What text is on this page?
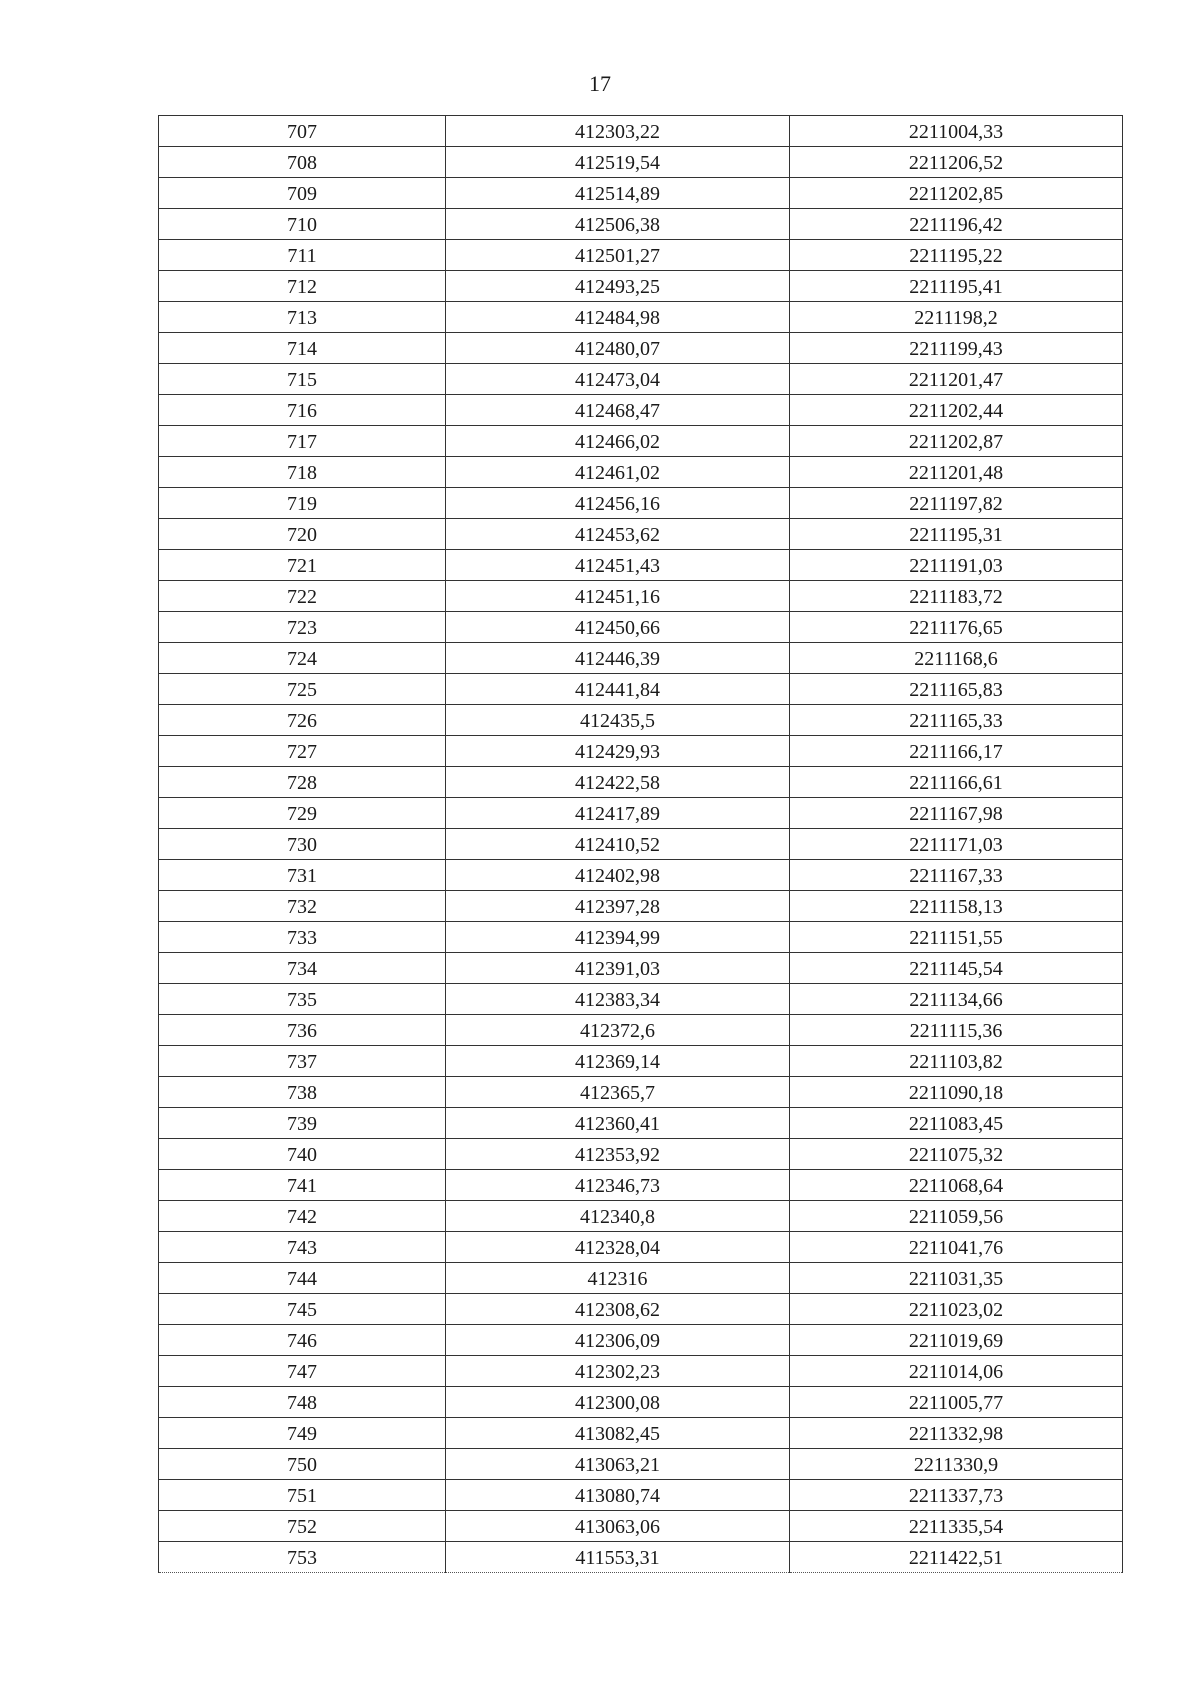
17
707	412303,22	2211004,33
708	412519,54	2211206,52
709	412514,89	2211202,85
710	412506,38	2211196,42
711	412501,27	2211195,22
712	412493,25	2211195,41
713	412484,98	2211198,2
714	412480,07	2211199,43
715	412473,04	2211201,47
716	412468,47	2211202,44
717	412466,02	2211202,87
718	412461,02	2211201,48
719	412456,16	2211197,82
720	412453,62	2211195,31
721	412451,43	2211191,03
722	412451,16	2211183,72
723	412450,66	2211176,65
724	412446,39	2211168,6
725	412441,84	2211165,83
726	412435,5	2211165,33
727	412429,93	2211166,17
728	412422,58	2211166,61
729	412417,89	2211167,98
730	412410,52	2211171,03
731	412402,98	2211167,33
732	412397,28	2211158,13
733	412394,99	2211151,55
734	412391,03	2211145,54
735	412383,34	2211134,66
736	412372,6	2211115,36
737	412369,14	2211103,82
738	412365,7	2211090,18
739	412360,41	2211083,45
740	412353,92	2211075,32
741	412346,73	2211068,64
742	412340,8	2211059,56
743	412328,04	2211041,76
744	412316	2211031,35
745	412308,62	2211023,02
746	412306,09	2211019,69
747	412302,23	2211014,06
748	412300,08	2211005,77
749	413082,45	2211332,98
750	413063,21	2211330,9
751	413080,74	2211337,73
752	413063,06	2211335,54
753	411553,31	2211422,51
